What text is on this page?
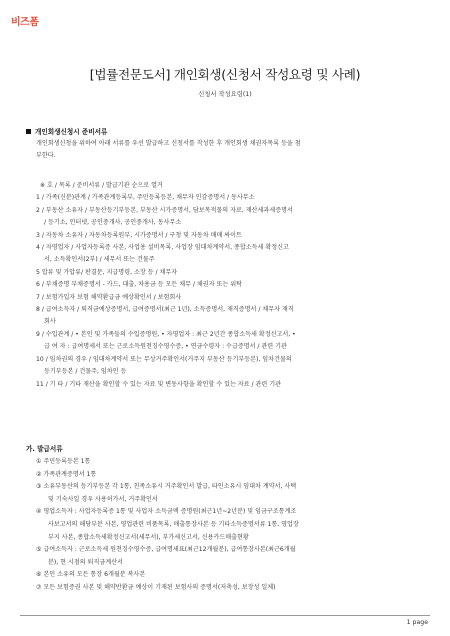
비즈폼
[법률전문도서] 개인회생(신청서 작성요령 및 사례)
신청서 작성요령(1)
개인회생신청시 준비서류
개인회생신청을 위하여 아래 서류를 우선 발급하고 신청서를 작성한 후 개인회생 채권자목록 등을 첨
부한다.
※ 호 / 목록 / 준비서류 / 발급기관 순으로 열거
1 / 가족(신분)관계 / 가족관계등록부, 주민등록등본, 채무자 인감증명서 / 동사무소
2 / 부동산 소유자 / 부동산등기부등본, 부동산 시가증명서, 담보목적물의 자료, 재산세과세증명서
/ 등기소, 인터넷, 공인중개사, 공인중개사, 동사무소
3 / 자동차 소유자 / 자동차등록원부, 시가증명서 / 구청 및 자동차 매매 싸이트
4 / 자영업자 / 사업자등록증 사본, 사업용 설비목록, 사업장 임대차계약서, 종합소득세 확정신고
서, 소득확인서(2부) / 세무서 또는 건물주
5 압류 및 가압류/ 판결문, 지급명령, 소장 등 / 채무자
6 / 부채증명 부채증명서 - 카드, 대출, 차용금 등 모든 채무 / 채권자 또는 위탁
7 / 보험가입자 보험 해약환급금 예상확인서 / 보험회사
8 / 급여소득자 / 퇴직금예상증명서, 급여증명서(최근 1년), 소득증명서, 재직증명서 / 채무자 재직
회사
9 / 수입관계 / • 본인 및 가족들의 수입증명원, • 자영업자 : 최근 2년간 종합소득세 확정신고서, •
급 여 자 : 급여명세서 또는 근로소득원천징수영수증, • 연금수령자 : 수급증명서 / 관련 기관
10 / 임차권의 경우 / 임대차계약서 또는 무상거주확인서(거주지 부동산 등기부등본), 임차건물의
등기부등본 / 건물주, 임차인 등
11 / 기 타 / 기타 재산을 확인할 수 있는 자료 및 변동사항을 확인할 수 있는 자료 / 관련 기관
가. 발급서류
① 주민등록등본 1통
② 가족관계증명서 1통
③ 소유부동산의 등기부등본 각 1통, 친족소유시 거주확인서 발급, 타인소유시 임대차 계약서, 사택
및 기숙사일 경우 사용허가서, 거주확인서
④ 영업소득자 : 사업자등록증 1통 및 사업자 소득금액 증명원(최근1년~2년분) 및 임금구조통계조
사보고서의 해당부분 사본, 영업관련 비품목록, 매출통장사본 등 기타소득증명서류 1통, 영업장
부지 사본, 종합소득세확정신고서(세무서), 부가세신고서, 신용카드매출현황
⑤ 급여소득자 : 근로소득세 원천징수영수증, 급여명세표(최근12개월분), 급여통장사본(최근6개월
분), 현 시점의 퇴직금계산서
⑥ 본인 소유의 모든 통장 6개월분 복사본
⑦ 모든 보험증권 사본 및 해약반환금 예상이 기재된 보험사의 증명서(저축성, 보장성 일체)
1 page
